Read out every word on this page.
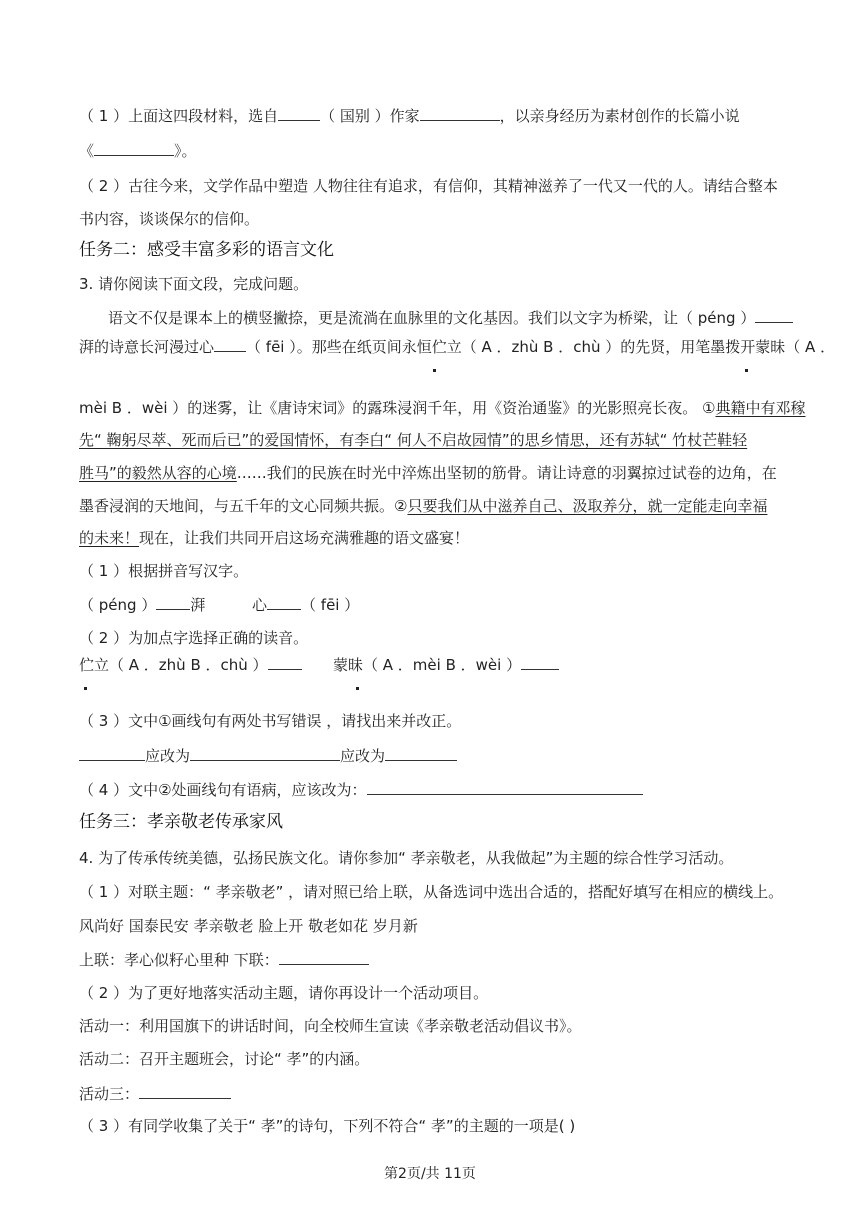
（ 1 ）上面这四段材料，选自	（ 国别 ）作家	，以亲身经历为素材创作的长篇小说
《	》。
（ 2 ）古往今来，文学作品中塑造 人物往往有追求，有信仰，其精神滋养了一代又一代的人。请结合整本
书内容，谈谈保尔的信仰。
任务二：感受丰富多彩的语言文化
3. 请你阅读下面文段，完成问题。
语文不仅是课本上的横竖撇捺，更是流淌在血脉里的文化基因。我们以文字为桥梁，让（ péng ）
湃的诗意长河漫过心 （ fēi ）。那些在纸页间永恒伫立（ A ．zhù B ．chù ）的先贤，用笔墨拨开蒙昧（ A ．
mèi B ．wèi ）的迷雾，让《唐诗宋词》的露珠浸润千年，用《资治通鉴》的光影照亮长夜。 ①典籍中有邓稼
先“ 鞠躬尽萃、死而后已”的爱国情怀，有李白“ 何人不启故园情”的思乡情思，还有苏轼“ 竹杖芒鞋轻
胜马”的毅然从容的心境……我们的民族在时光中淬炼出坚韧的筋骨。请让诗意的羽翼掠过试卷的边角，在
墨香浸润的天地间，与五千年的文心同频共振。②只要我们从中滋养自己、汲取养分，就一定能走向幸福
的未来！现在，让我们共同开启这场充满雅趣的语文盛宴！
（ 1 ）根据拼音写汉字。
（ péng ） 湃	心 （ fēi ）
（ 2 ）为加点字选择正确的读音。
伫立（ A ．zhù B ．chù ）	蒙昧（ A ．mèi B ．wèi ）
（ 3 ）文中①画线句有两处书写错误 ，请找出来并改正。
应改为	应改为
（ 4 ）文中②处画线句有语病，应该改为：
任务三：孝亲敬老传承家风
4. 为了传承传统美德，弘扬民族文化。请你参加“ 孝亲敬老，从我做起”为主题的综合性学习活动。
（ 1 ）对联主题：“ 孝亲敬老” ，请对照已给上联，从备选词中选出合适的，搭配好填写在相应的横线上。
风尚好 国泰民安 孝亲敬老 脸上开 敬老如花 岁月新
上联：孝心似籽心里种 下联：
（ 2 ）为了更好地落实活动主题，请你再设计一个活动项目。
活动一：利用国旗下的讲话时间，向全校师生宣读《孝亲敬老活动倡议书》。
活动二：召开主题班会，讨论“ 孝”的内涵。
活动三：
（ 3 ）有同学收集了关于“ 孝”的诗句，下列不符合“ 孝”的主题的一项是( )
第2页/共 11页
